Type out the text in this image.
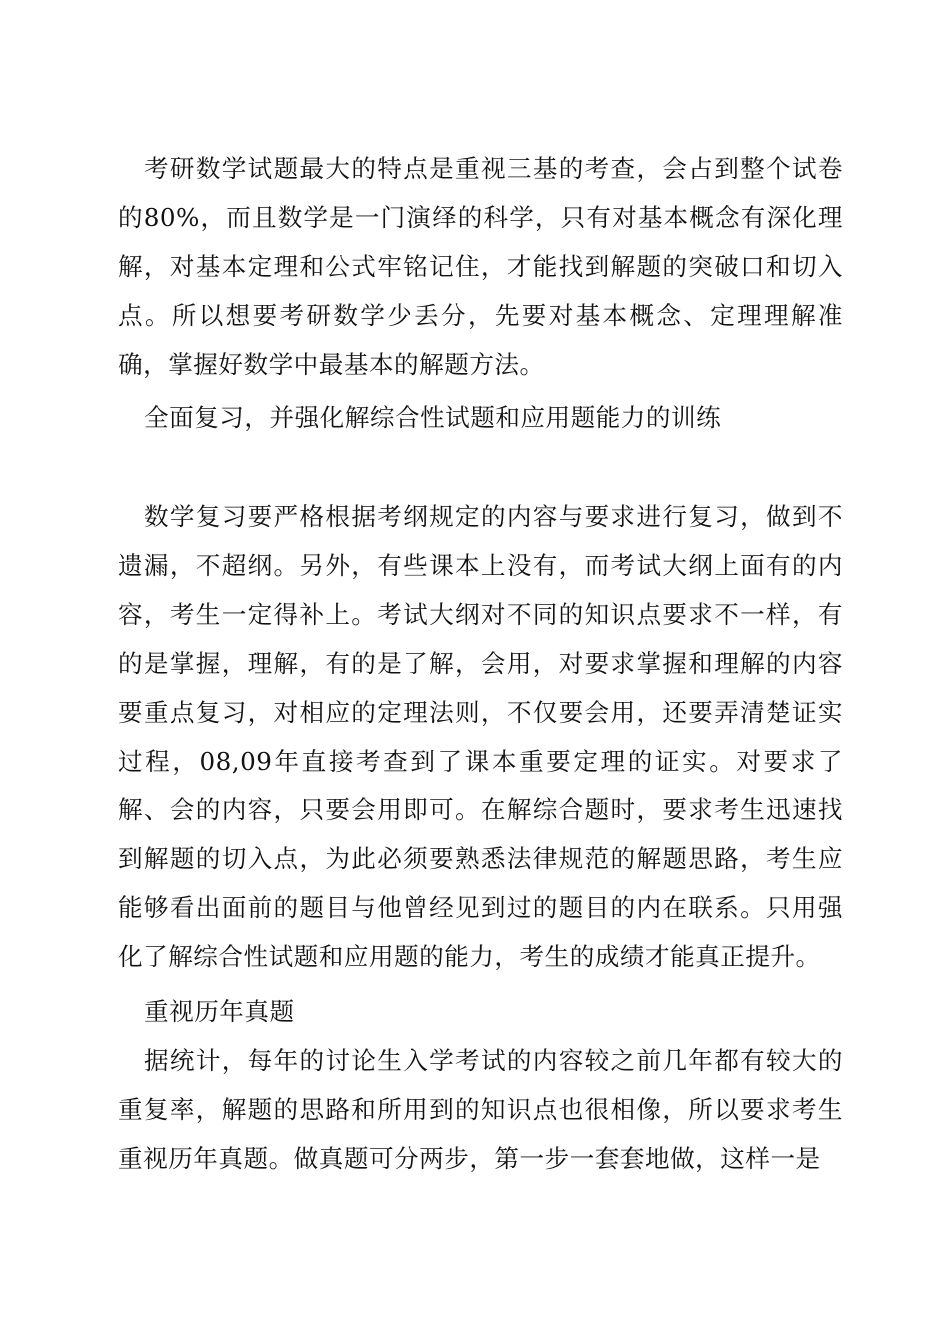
考研数学试题最大的特点是重视三基的考查，会占到整个试卷的80%，而且数学是一门演绎的科学，只有对基本概念有深化理解，对基本定理和公式牢铭记住，才能找到解题的突破口和切入点。所以想要考研数学少丢分，先要对基本概念、定理理解准确，掌握好数学中最基本的解题方法。

全面复习，并强化解综合性试题和应用题能力的训练

数学复习要严格根据考纲规定的内容与要求进行复习，做到不遗漏，不超纲。另外，有些课本上没有，而考试大纲上面有的内容，考生一定得补上。考试大纲对不同的知识点要求不一样，有的是掌握，理解，有的是了解，会用，对要求掌握和理解的内容要重点复习，对相应的定理法则，不仅要会用，还要弄清楚证实过程，08,09年直接考查到了课本重要定理的证实。对要求了解、会的内容，只要会用即可。在解综合题时，要求考生迅速找到解题的切入点，为此必须要熟悉法律规范的解题思路，考生应能够看出面前的题目与他曾经见到过的题目的内在联系。只用强化了解综合性试题和应用题的能力，考生的成绩才能真正提升。

重视历年真题

据统计，每年的讨论生入学考试的内容较之前几年都有较大的重复率，解题的思路和所用到的知识点也很相像，所以要求考生重视历年真题。做真题可分两步，第一步一套套地做，这样一是
